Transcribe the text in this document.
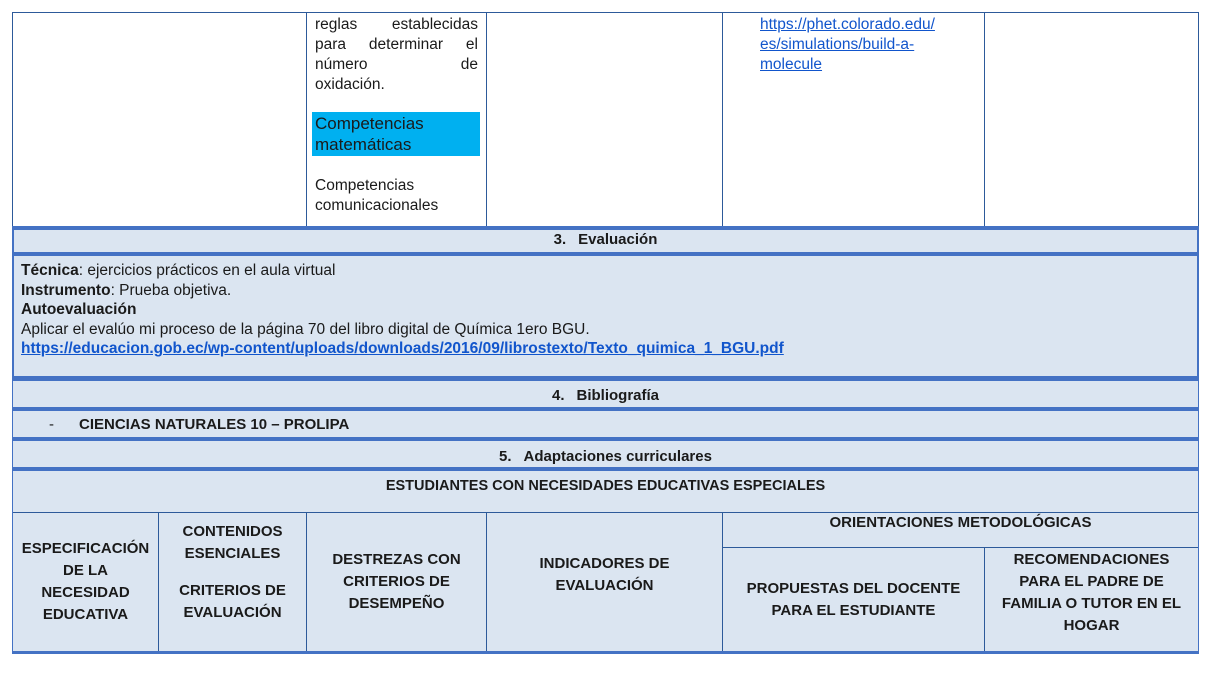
reglas establecidas
para determinar el
número de
oxidación.
Competencias
matemáticas
Competencias
comunicacionales
https://phet.colorado.edu/
es/simulations/build-a-
molecule
3. Evaluación
Técnica: ejercicios prácticos en el aula virtual
Instrumento: Prueba objetiva.
Autoevaluación
Aplicar el evalúo mi proceso de la página 70 del libro digital de Química 1ero BGU.
https://educacion.gob.ec/wp-content/uploads/downloads/2016/09/librostexto/Texto_quimica_1_BGU.pdf
4. Bibliografía
- CIENCIAS NATURALES 10 – PROLIPA
5. Adaptaciones curriculares
ESTUDIANTES CON NECESIDADES EDUCATIVAS ESPECIALES
ESPECIFICACIÓN
DE LA
NECESIDAD
EDUCATIVA
CONTENIDOS
ESENCIALES
CRITERIOS DE
EVALUACIÓN
DESTREZAS CON
CRITERIOS DE
DESEMPEÑO
INDICADORES DE
EVALUACIÓN
ORIENTACIONES METODOLÓGICAS
PROPUESTAS DEL DOCENTE
PARA EL ESTUDIANTE
RECOMENDACIONES
PARA EL PADRE DE
FAMILIA O TUTOR EN EL
HOGAR
